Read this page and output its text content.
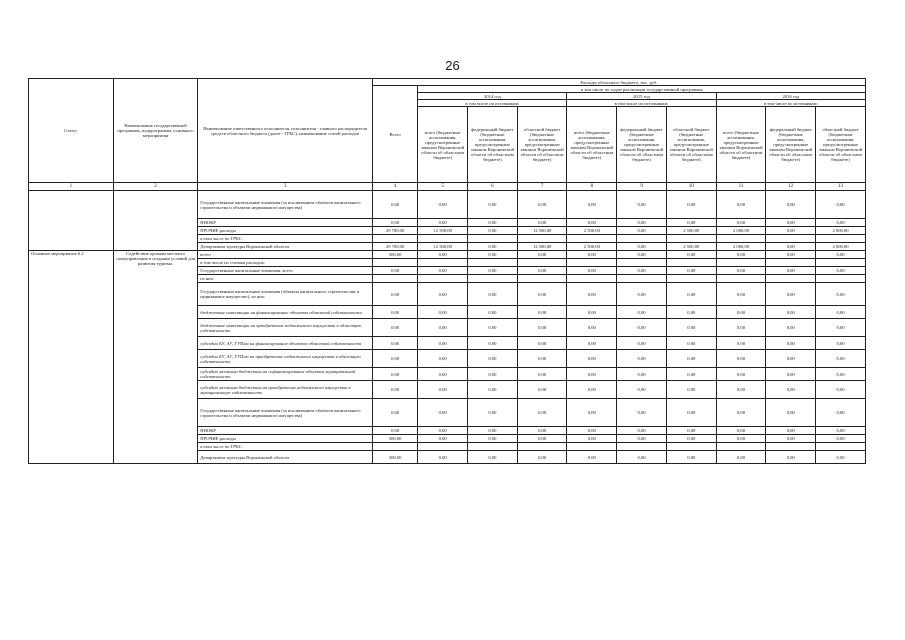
26
Статус	Наименование государственной программы, подпрограммы, основного мероприятия	Наименование ответственного исполнителя, исполнителя - главного распорядителя средств областного бюджета (далее - ГРБС), наименование статей расходов	Расходы областного бюджета, тыс. руб.									
			Всего	в том числе по годам реализации государственной программы								
				2014 год			2015 год			2016 год		
				в том числе по источникам:			в том числе по источникам:			в том числе по источникам:		
				всего (бюджетные ассигнования, предусмотренные законом Воронежской области об областном бюджете)	федеральный бюджет (бюджетные ассигнования, предусмотренные законом Воронежской области об областном бюджете)	областной бюджет (бюджетные ассигнования, предусмотренные законом Воронежской области об областном бюджете)	всего (бюджетные ассигнования, предусмотренные законом Воронежской области об областном бюджете)	федеральный бюджет (бюджетные ассигнования, предусмотренные законом Воронежской области об областном бюджете)	областной бюджет (бюджетные ассигнования, предусмотренные законом Воронежской области об областном бюджете)	всего (бюджетные ассигнования, предусмотренные законом Воронежской области об областном бюджете)	федеральный бюджет (бюджетные ассигнования, предусмотренные законом Воронежской области об областном бюджете)	областной бюджет (бюджетные ассигнования, предусмотренные законом Воронежской области об областном бюджете)
1	2	3	4	5	6	7	8	9	10	11	12	13
		Государственные капитальные вложения (за исключением объектов капитального строительства и объектов недвижимого имущества)	0,00	0,00	0,00	0,00	0,00	0,00	0,00	0,00	0,00	0,00
		НИОКР	0,00	0,00	0,00	0,00	0,00	0,00	0,00	0,00	0,00	0,00
		ПРОЧИЕ расходы	29 700,00	12 500,00	0,00	12 500,00	2 500,00	0,00	2 500,00	2 000,00	0,00	2 000,00
		в том числе по ГРБС:										
		Департамент культуры Воронежской области	29 700,00	12 500,00	0,00	12 500,00	2 500,00	0,00	2 500,00	2 000,00	0,00	2 000,00
Основное мероприятие 6.2	Содействие органам местного самоуправления в создании условий для развития туризма.	всего	300,00	0,00	0,00	0,00	0,00	0,00	0,00	0,00	0,00	0,00
		в том числе по статьям расходов:										
		Государственные капитальные вложения, всего	0,00	0,00	0,00	0,00	0,00	0,00	0,00	0,00	0,00	0,00
		из них:										
		Государственные капитальные вложения (объекты капитального строительства и недвижимое имущество), из них:	0,00	0,00	0,00	0,00	0,00	0,00	0,00	0,00	0,00	0,00
		бюджетные инвестиции на финансирование объектов областной собственности	0,00	0,00	0,00	0,00	0,00	0,00	0,00	0,00	0,00	0,00
		бюджетные инвестиции на приобретение недвижимого имущества в областную собственность	0,00	0,00	0,00	0,00	0,00	0,00	0,00	0,00	0,00	0,00
		субсидии БУ, АУ, ГУПам на финансирование объектов областной собственности	0,00	0,00	0,00	0,00	0,00	0,00	0,00	0,00	0,00	0,00
		субсидии БУ, АУ, ГУПам на приобретение недвижимого имущества в областную собственность	0,00	0,00	0,00	0,00	0,00	0,00	0,00	0,00	0,00	0,00
		субсидии местным бюджетам на софинансирование объектов муниципальной собственности	0,00	0,00	0,00	0,00	0,00	0,00	0,00	0,00	0,00	0,00
		субсидии местным бюджетам на приобретение недвижимого имущества в муниципальную собственность	0,00	0,00	0,00	0,00	0,00	0,00	0,00	0,00	0,00	0,00
		Государственные капитальные вложения (за исключением объектов капитального строительства и объектов недвижимого имущества)	0,00	0,00	0,00	0,00	0,00	0,00	0,00	0,00	0,00	0,00
		НИОКР	0,00	0,00	0,00	0,00	0,00	0,00	0,00	0,00	0,00	0,00
		ПРОЧИЕ расходы	300,00	0,00	0,00	0,00	0,00	0,00	0,00	0,00	0,00	0,00
		в том числе по ГРБС:										
		Департамент культуры Воронежской области	300,00	0,00	0,00	0,00	0,00	0,00	0,00	0,00	0,00	0,00
